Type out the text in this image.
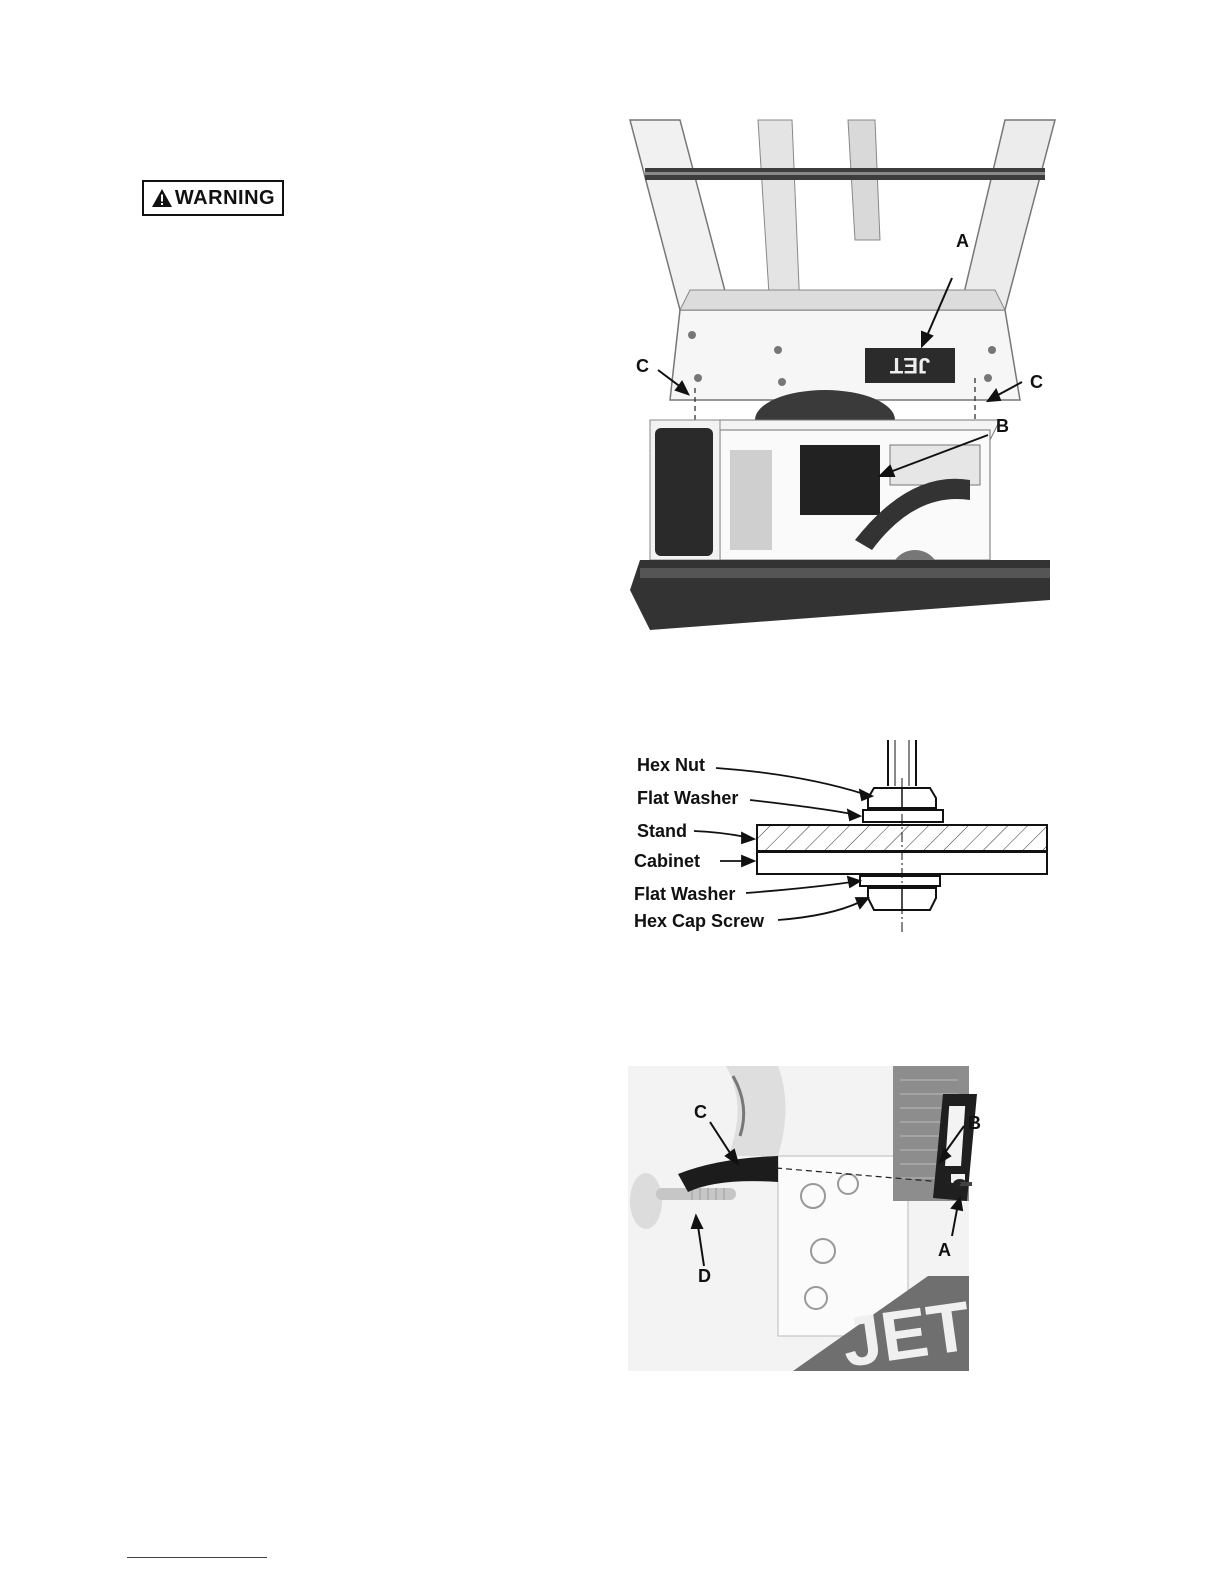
WARNING
JET
A
C
C
B
Hex Nut
Flat Washer
Stand
Cabinet
Flat Washer
Hex Cap Screw
JET
C
B
A
D
